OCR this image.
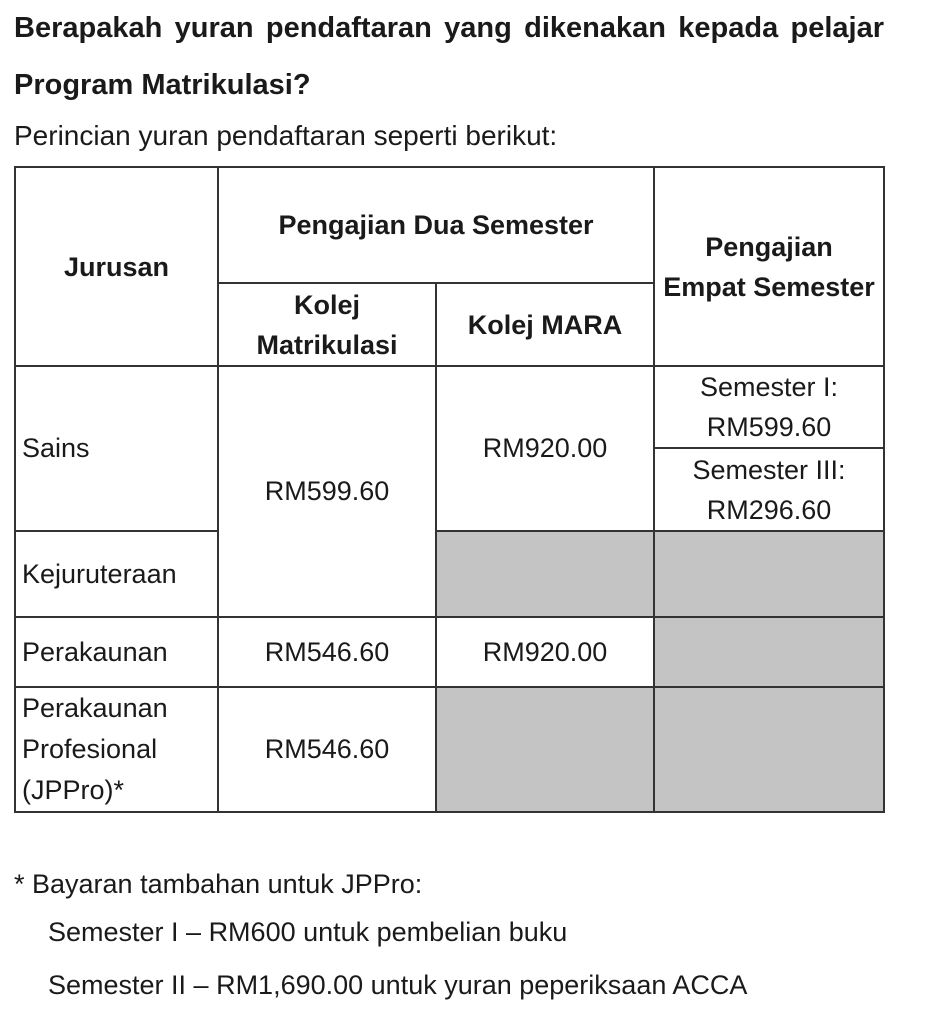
Berapakah yuran pendaftaran yang dikenakan kepada pelajar Program Matrikulasi?

Perincian yuran pendaftaran seperti berikut:

Jurusan	Pengajian Dua Semester		Pengajian Empat Semester
	Kolej Matrikulasi	Kolej MARA	
Sains	RM599.60	RM920.00	Semester I: RM599.60
			Semester III: RM296.60
Kejuruteraan			
Perakaunan	RM546.60	RM920.00	
Perakaunan Profesional (JPPro)*	RM546.60		

* Bayaran tambahan untuk JPPro:

Semester I – RM600 untuk pembelian buku

Semester II – RM1,690.00 untuk yuran peperiksaan ACCA
